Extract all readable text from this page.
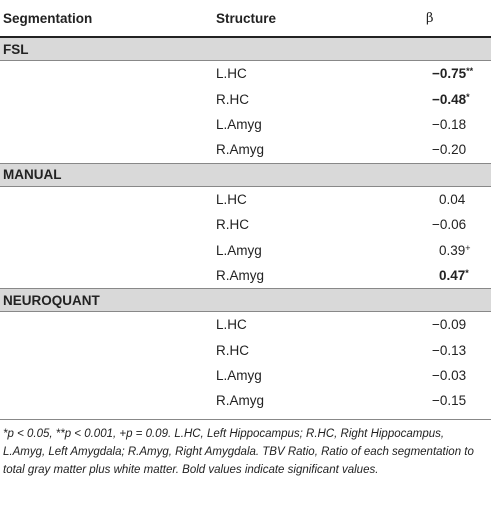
Segmentation	Structure	β
FSL		
	L.HC	−0.75**
	R.HC	−0.48*
	L.Amyg	−0.18
	R.Amyg	−0.20
MANUAL		
	L.HC	0.04
	R.HC	−0.06
	L.Amyg	0.39+
	R.Amyg	0.47*
NEUROQUANT		
	L.HC	−0.09
	R.HC	−0.13
	L.Amyg	−0.03
	R.Amyg	−0.15
*p < 0.05, **p < 0.001, +p = 0.09. L.HC, Left Hippocampus; R.HC, Right Hippocampus, L.Amyg, Left Amygdala; R.Amyg, Right Amygdala. TBV Ratio, Ratio of each segmentation to total gray matter plus white matter. Bold values indicate significant values.
